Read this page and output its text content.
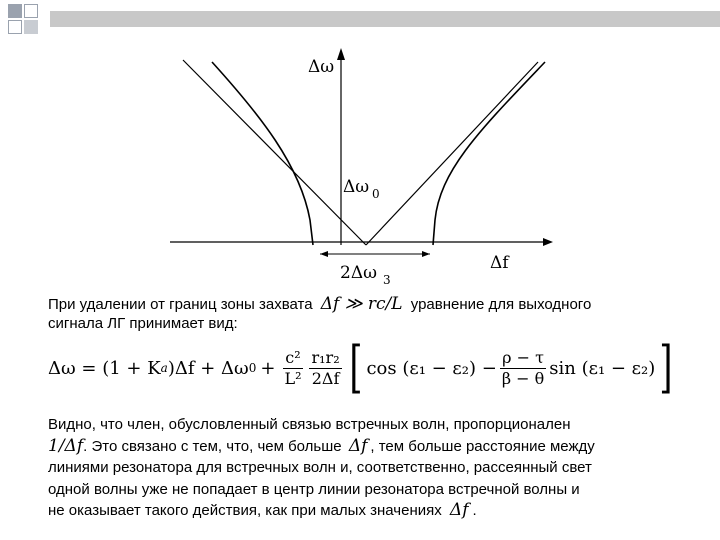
Δω
Δω 0
2Δω 3
Δf
При удалении от границ зоны захвата Δf ≫ rc/L уравнение для выходного
сигнала ЛГ принимает вид:
Δω = (1 + K a )Δf + Δω $0 + \frac{\text{c²}}{\text{L²}} \frac{\text{r₁r₂}}{2\Delta f}$ [ $\cos (\varepsilon_1 - \varepsilon_2) - \frac{\rho - \tau}{\beta - \theta}$ sin (ε₁ − ε₂) ]
Видно, что член, обусловленный связью встречных волн, пропорционален
1/Δf. Это связано с тем, что, чем больше Δf , тем больше расстояние между
линиями резонатора для встречных волн и, соответственно, рассеянный свет
одной волны уже не попадает в центр линии резонатора встречной волны и
не оказывает такого действия, как при малых значениях Δf .
